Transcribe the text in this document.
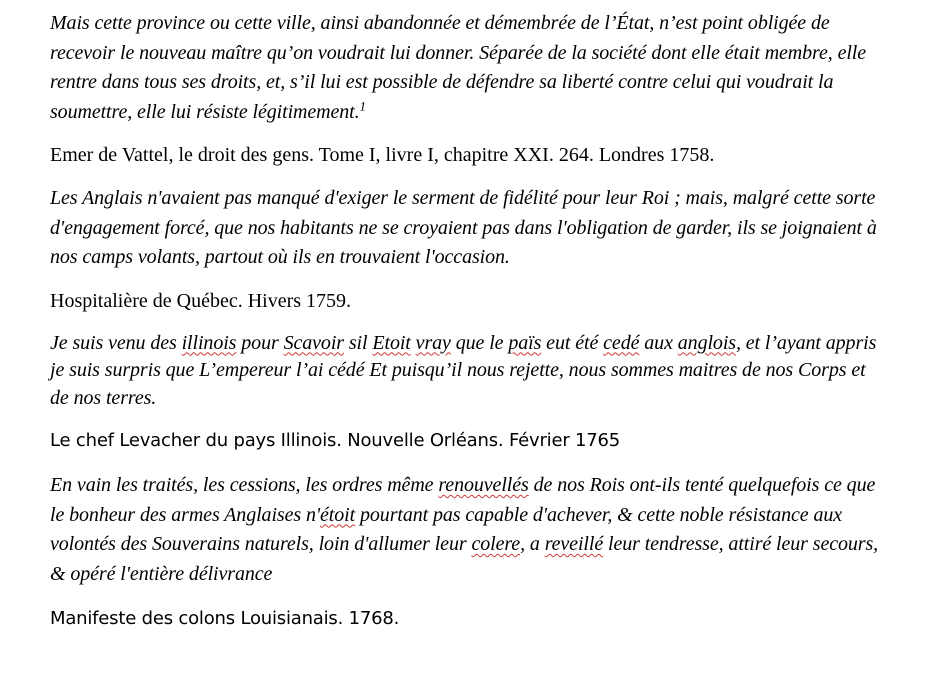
Mais cette province ou cette ville, ainsi abandonnée et démembrée de l’État, n’est point obligée de recevoir le nouveau maître qu’on voudrait lui donner. Séparée de la société dont elle était membre, elle rentre dans tous ses droits, et, s’il lui est possible de défendre sa liberté contre celui qui voudrait la soumettre, elle lui résiste légitimement.$^1$

Emer de Vattel, le droit des gens. Tome I, livre I, chapitre XXI. 264. Londres 1758.

Les Anglais n'avaient pas manqué d'exiger le serment de fidélité pour leur Roi ; mais, malgré cette sorte d'engagement forcé, que nos habitants ne se croyaient pas dans l'obligation de garder, ils se joignaient à nos camps volants, partout où ils en trouvaient l'occasion.

Hospitalière de Québec. Hivers 1759.

Je suis venu des illinois pour Scavoir sil Etoit vray que le païs eut été cedé aux anglois, et l’ayant appris je suis surpris que L’empereur l’ai cédé Et puisqu’il nous rejette, nous sommes maitres de nos Corps et de nos terres.

Le chef Levacher du pays Illinois. Nouvelle Orléans. Février 1765

En vain les traités, les cessions, les ordres même renouvellés de nos Rois ont-ils tenté quelquefois ce que le bonheur des armes Anglaises n'étoit pourtant pas capable d'achever, & cette noble résistance aux volontés des Souverains naturels, loin d'allumer leur colere, a reveillé leur tendresse, attiré leur secours, & opéré l'entière délivrance

Manifeste des colons Louisianais. 1768.
